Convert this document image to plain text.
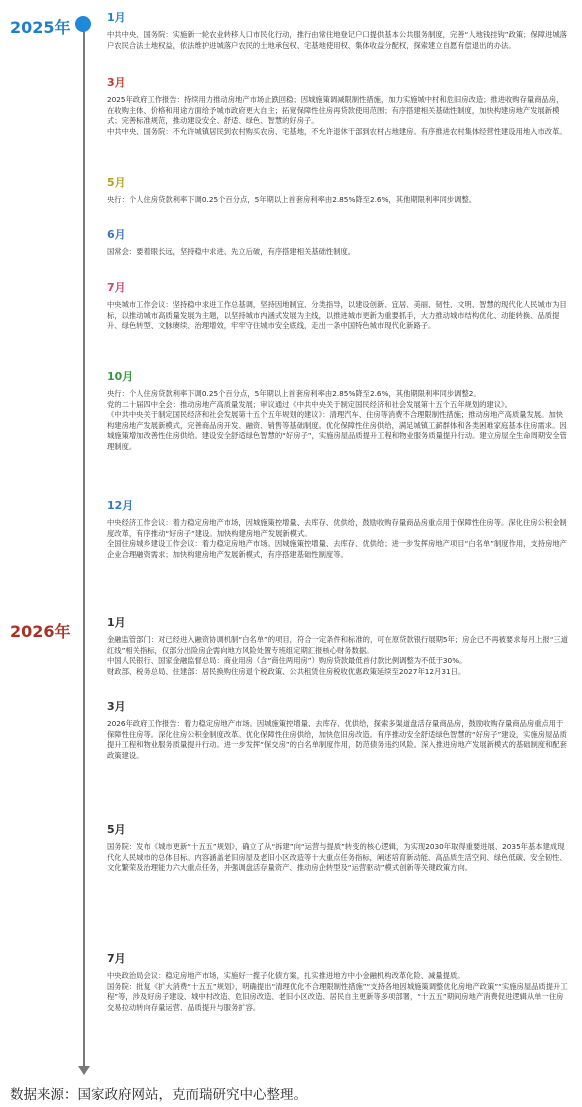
2025年
2026年
1月

中共中央、国务院：实施新一轮农业转移人口市民化行动，推行由常住地登记户口提供基本公共服务制度，完善“人地钱挂钩”政策；保障进城落户农民合法土地权益，依法维护进城落户农民的土地承包权、宅基地使用权、集体收益分配权，探索建立自愿有偿退出的办法。

3月

2025年政府工作报告：持续用力推动房地产市场止跌回稳；因城施策调减限制性措施，加力实施城中村和危旧房改造；推进收购存量商品房，在收购主体、价格和用途方面给予城市政府更大自主；拓宽保障性住房再贷款使用范围；有序搭建相关基础性制度，加快构建房地产发展新模式；完善标准规范，推动建设安全、舒适、绿色、智慧的好房子。

中共中央、国务院：不允许城镇居民到农村购买农房、宅基地，不允许退休干部到农村占地建房。有序推进农村集体经营性建设用地入市改革。

5月

央行：个人住房贷款利率下调0.25个百分点，5年期以上首套房利率由2.85%降至2.6%，其他期限利率同步调整。

6月

国常会：要着眼长远，坚持稳中求进、先立后破，有序搭建相关基础性制度。

7月

中央城市工作会议：坚持稳中求进工作总基调，坚持因地制宜、分类指导，以建设创新、宜居、美丽、韧性、文明、智慧的现代化人民城市为目标，以推动城市高质量发展为主题，以坚持城市内涵式发展为主线，以推进城市更新为重要抓手，大力推动城市结构优化、动能转换、品质提升、绿色转型、文脉赓续、治理增效，牢牢守住城市安全底线，走出一条中国特色城市现代化新路子。

10月

央行：个人住房贷款利率下调0.25个百分点，5年期以上首套房利率由2.85%降至2.6%，其他期限利率同步调整2。

党的二十届四中全会：推动房地产高质量发展；审议通过《中共中央关于制定国民经济和社会发展第十五个五年规划的建议》。

《中共中央关于制定国民经济和社会发展第十五个五年规划的建议》：清理汽车、住房等消费不合理限制性措施；推动房地产高质量发展。加快构建房地产发展新模式，完善商品房开发、融资、销售等基础制度。优化保障性住房供给，满足城镇工薪群体和各类困难家庭基本住房需求。因城施策增加改善性住房供给。建设安全舒适绿色智慧的“好房子”，实施房屋品质提升工程和物业服务质量提升行动。建立房屋全生命周期安全管理制度。

12月

中央经济工作会议：着力稳定房地产市场，因城施策控增量、去库存、优供给，鼓励收购存量商品房重点用于保障性住房等。深化住房公积金制度改革，有序推动“好房子”建设。加快构建房地产发展新模式。

全国住房城乡建设工作会议：着力稳定房地产市场。因城施策控增量、去库存、优供给；进一步发挥房地产项目“白名单”制度作用，支持房地产企业合理融资需求；加快构建房地产发展新模式，有序搭建基础性制度等。

1月

金融监管部门：对已经进入融资协调机制“白名单”的项目，符合一定条件和标准的，可在原贷款银行展期5年；房企已不再被要求每月上报“三道红线”相关指标，仅部分出险房企需向地方风险处置专班组定期汇报核心财务数据。

中国人民银行、国家金融监督总局：商业用房（含“商住两用房”）购房贷款最低首付款比例调整为不低于30%。

财政部、税务总局、住建部：居民换购住房退个税政策、公共租赁住房税收优惠政策延续至2027年12月31日。

3月

2026年政府工作报告：着力稳定房地产市场。因城施策控增量、去库存、优供给，探索多渠道盘活存量商品房，鼓励收购存量商品房重点用于保障性住房等。深化住房公积金制度改革。优化保障性住房供给，加快危旧房改造。有序推动安全舒适绿色智慧的“好房子”建设，实施房屋品质提升工程和物业服务质量提升行动。进一步发挥“保交房”的白名单制度作用，防范债务违约风险。深入推进房地产发展新模式的基础制度和配套政策建设。

5月

国务院：发布《城市更新“十五五”规划》，确立了从“拆建”向“运营与提质”转变的核心逻辑，为实现2030年取得重要进展、2035年基本建成现代化人民城市的总体目标。内容涵盖老旧房屋及老旧小区改造等十大重点任务指标，阐述培育新动能、高品质生活空间、绿色低碳、安全韧性、文化繁荣及治理能力六大重点任务，并强调盘活存量资产、推动房企转型及“运营驱动”模式创新等关键政策方向。

7月

中央政治局会议：稳定房地产市场，实施好一揽子化债方案，扎实推进地方中小金融机构改革化险、减量提质。

国务院：批复《扩大消费“十五五”规划》，明确提出“清理优化不合理限制性措施”“支持各地因城施策调整优化房地产政策”“实施房屋品质提升工程”等，涉及好房子建设、城中村改造、危旧房改造、老旧小区改造、居民自主更新等多项部署，“十五五”期间房地产消费促进逻辑从单一住房交易拉动转向存量运营、品质提升与服务扩容。

数据来源：国家政府网站，克而瑞研究中心整理。
